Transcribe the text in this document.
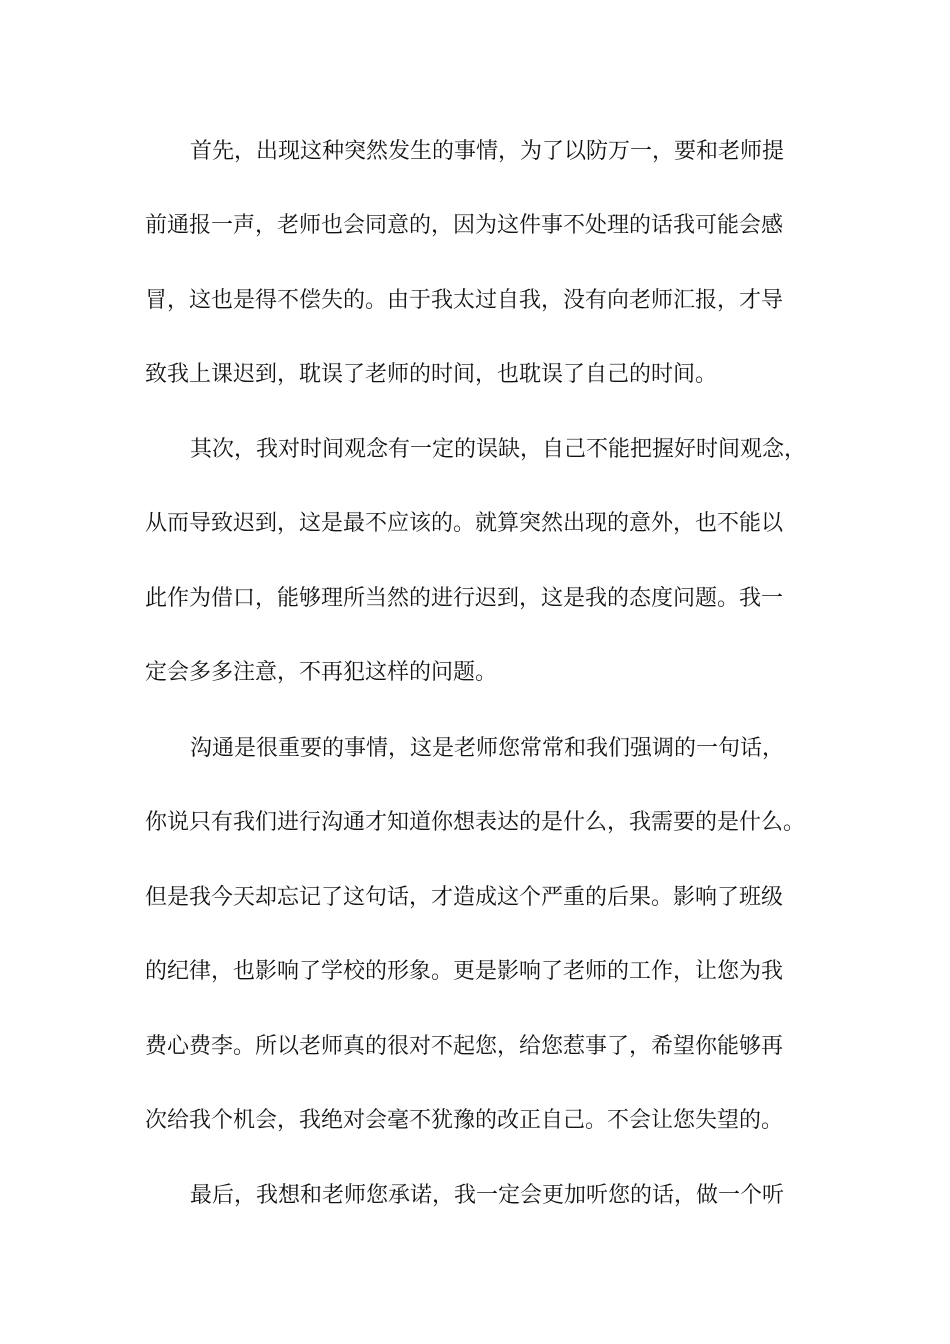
首先，出现这种突然发生的事情，为了以防万一，要和老师提
前通报一声，老师也会同意的，因为这件事不处理的话我可能会感
冒，这也是得不偿失的。由于我太过自我，没有向老师汇报，才导
致我上课迟到，耽误了老师的时间，也耽误了自己的时间。
其次，我对时间观念有一定的误缺，自己不能把握好时间观念，
从而导致迟到，这是最不应该的。就算突然出现的意外，也不能以
此作为借口，能够理所当然的进行迟到，这是我的态度问题。我一
定会多多注意，不再犯这样的问题。
沟通是很重要的事情，这是老师您常常和我们强调的一句话，
你说只有我们进行沟通才知道你想表达的是什么，我需要的是什么。
但是我今天却忘记了这句话，才造成这个严重的后果。影响了班级
的纪律，也影响了学校的形象。更是影响了老师的工作，让您为我
费心费李。所以老师真的很对不起您，给您惹事了，希望你能够再
次给我个机会，我绝对会毫不犹豫的改正自己。不会让您失望的。
最后，我想和老师您承诺，我一定会更加听您的话，做一个听
